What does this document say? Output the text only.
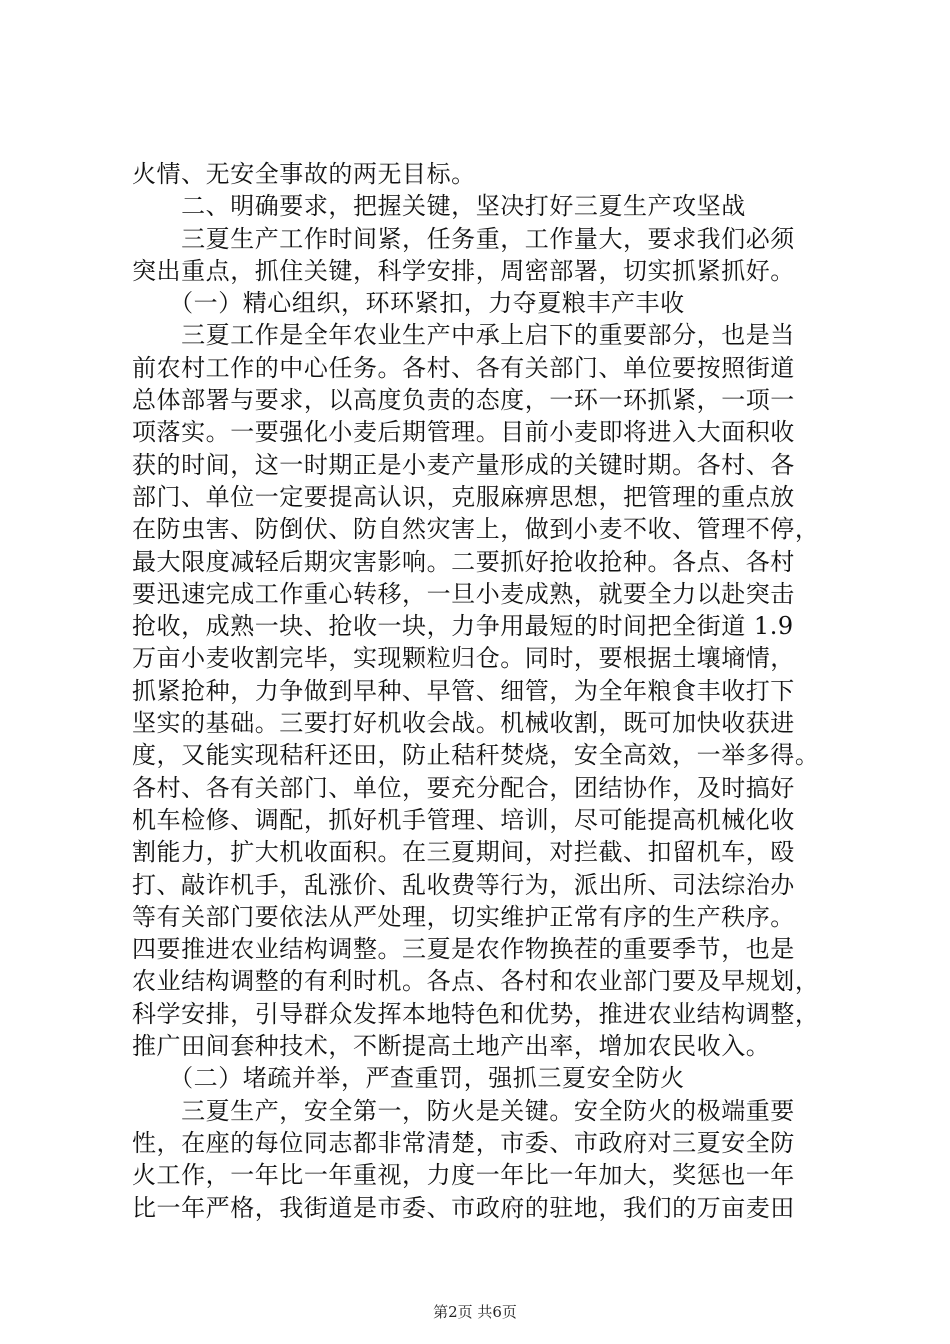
火情、无安全事故的两无目标。
　　二、明确要求，把握关键，坚决打好三夏生产攻坚战
　　三夏生产工作时间紧，任务重，工作量大，要求我们必须
突出重点，抓住关键，科学安排，周密部署，切实抓紧抓好。
　　（一）精心组织，环环紧扣，力夺夏粮丰产丰收
　　三夏工作是全年农业生产中承上启下的重要部分，也是当
前农村工作的中心任务。各村、各有关部门、单位要按照街道
总体部署与要求，以高度负责的态度，一环一环抓紧，一项一
项落实。一要强化小麦后期管理。目前小麦即将进入大面积收
获的时间，这一时期正是小麦产量形成的关键时期。各村、各
部门、单位一定要提高认识，克服麻痹思想，把管理的重点放
在防虫害、防倒伏、防自然灾害上，做到小麦不收、管理不停，
最大限度减轻后期灾害影响。二要抓好抢收抢种。各点、各村
要迅速完成工作重心转移，一旦小麦成熟，就要全力以赴突击
抢收，成熟一块、抢收一块，力争用最短的时间把全街道 1.9
万亩小麦收割完毕，实现颗粒归仓。同时，要根据土壤墒情，
抓紧抢种，力争做到早种、早管、细管，为全年粮食丰收打下
坚实的基础。三要打好机收会战。机械收割，既可加快收获进
度，又能实现秸秆还田，防止秸秆焚烧，安全高效，一举多得。
各村、各有关部门、单位，要充分配合，团结协作，及时搞好
机车检修、调配，抓好机手管理、培训，尽可能提高机械化收
割能力，扩大机收面积。在三夏期间，对拦截、扣留机车，殴
打、敲诈机手，乱涨价、乱收费等行为，派出所、司法综治办
等有关部门要依法从严处理，切实维护正常有序的生产秩序。
四要推进农业结构调整。三夏是农作物换茬的重要季节，也是
农业结构调整的有利时机。各点、各村和农业部门要及早规划，
科学安排，引导群众发挥本地特色和优势，推进农业结构调整，
推广田间套种技术，不断提高土地产出率，增加农民收入。
　　（二）堵疏并举，严查重罚，强抓三夏安全防火
　　三夏生产，安全第一，防火是关键。安全防火的极端重要
性，在座的每位同志都非常清楚，市委、市政府对三夏安全防
火工作，一年比一年重视，力度一年比一年加大，奖惩也一年
比一年严格，我街道是市委、市政府的驻地，我们的万亩麦田
第2页 共6页
